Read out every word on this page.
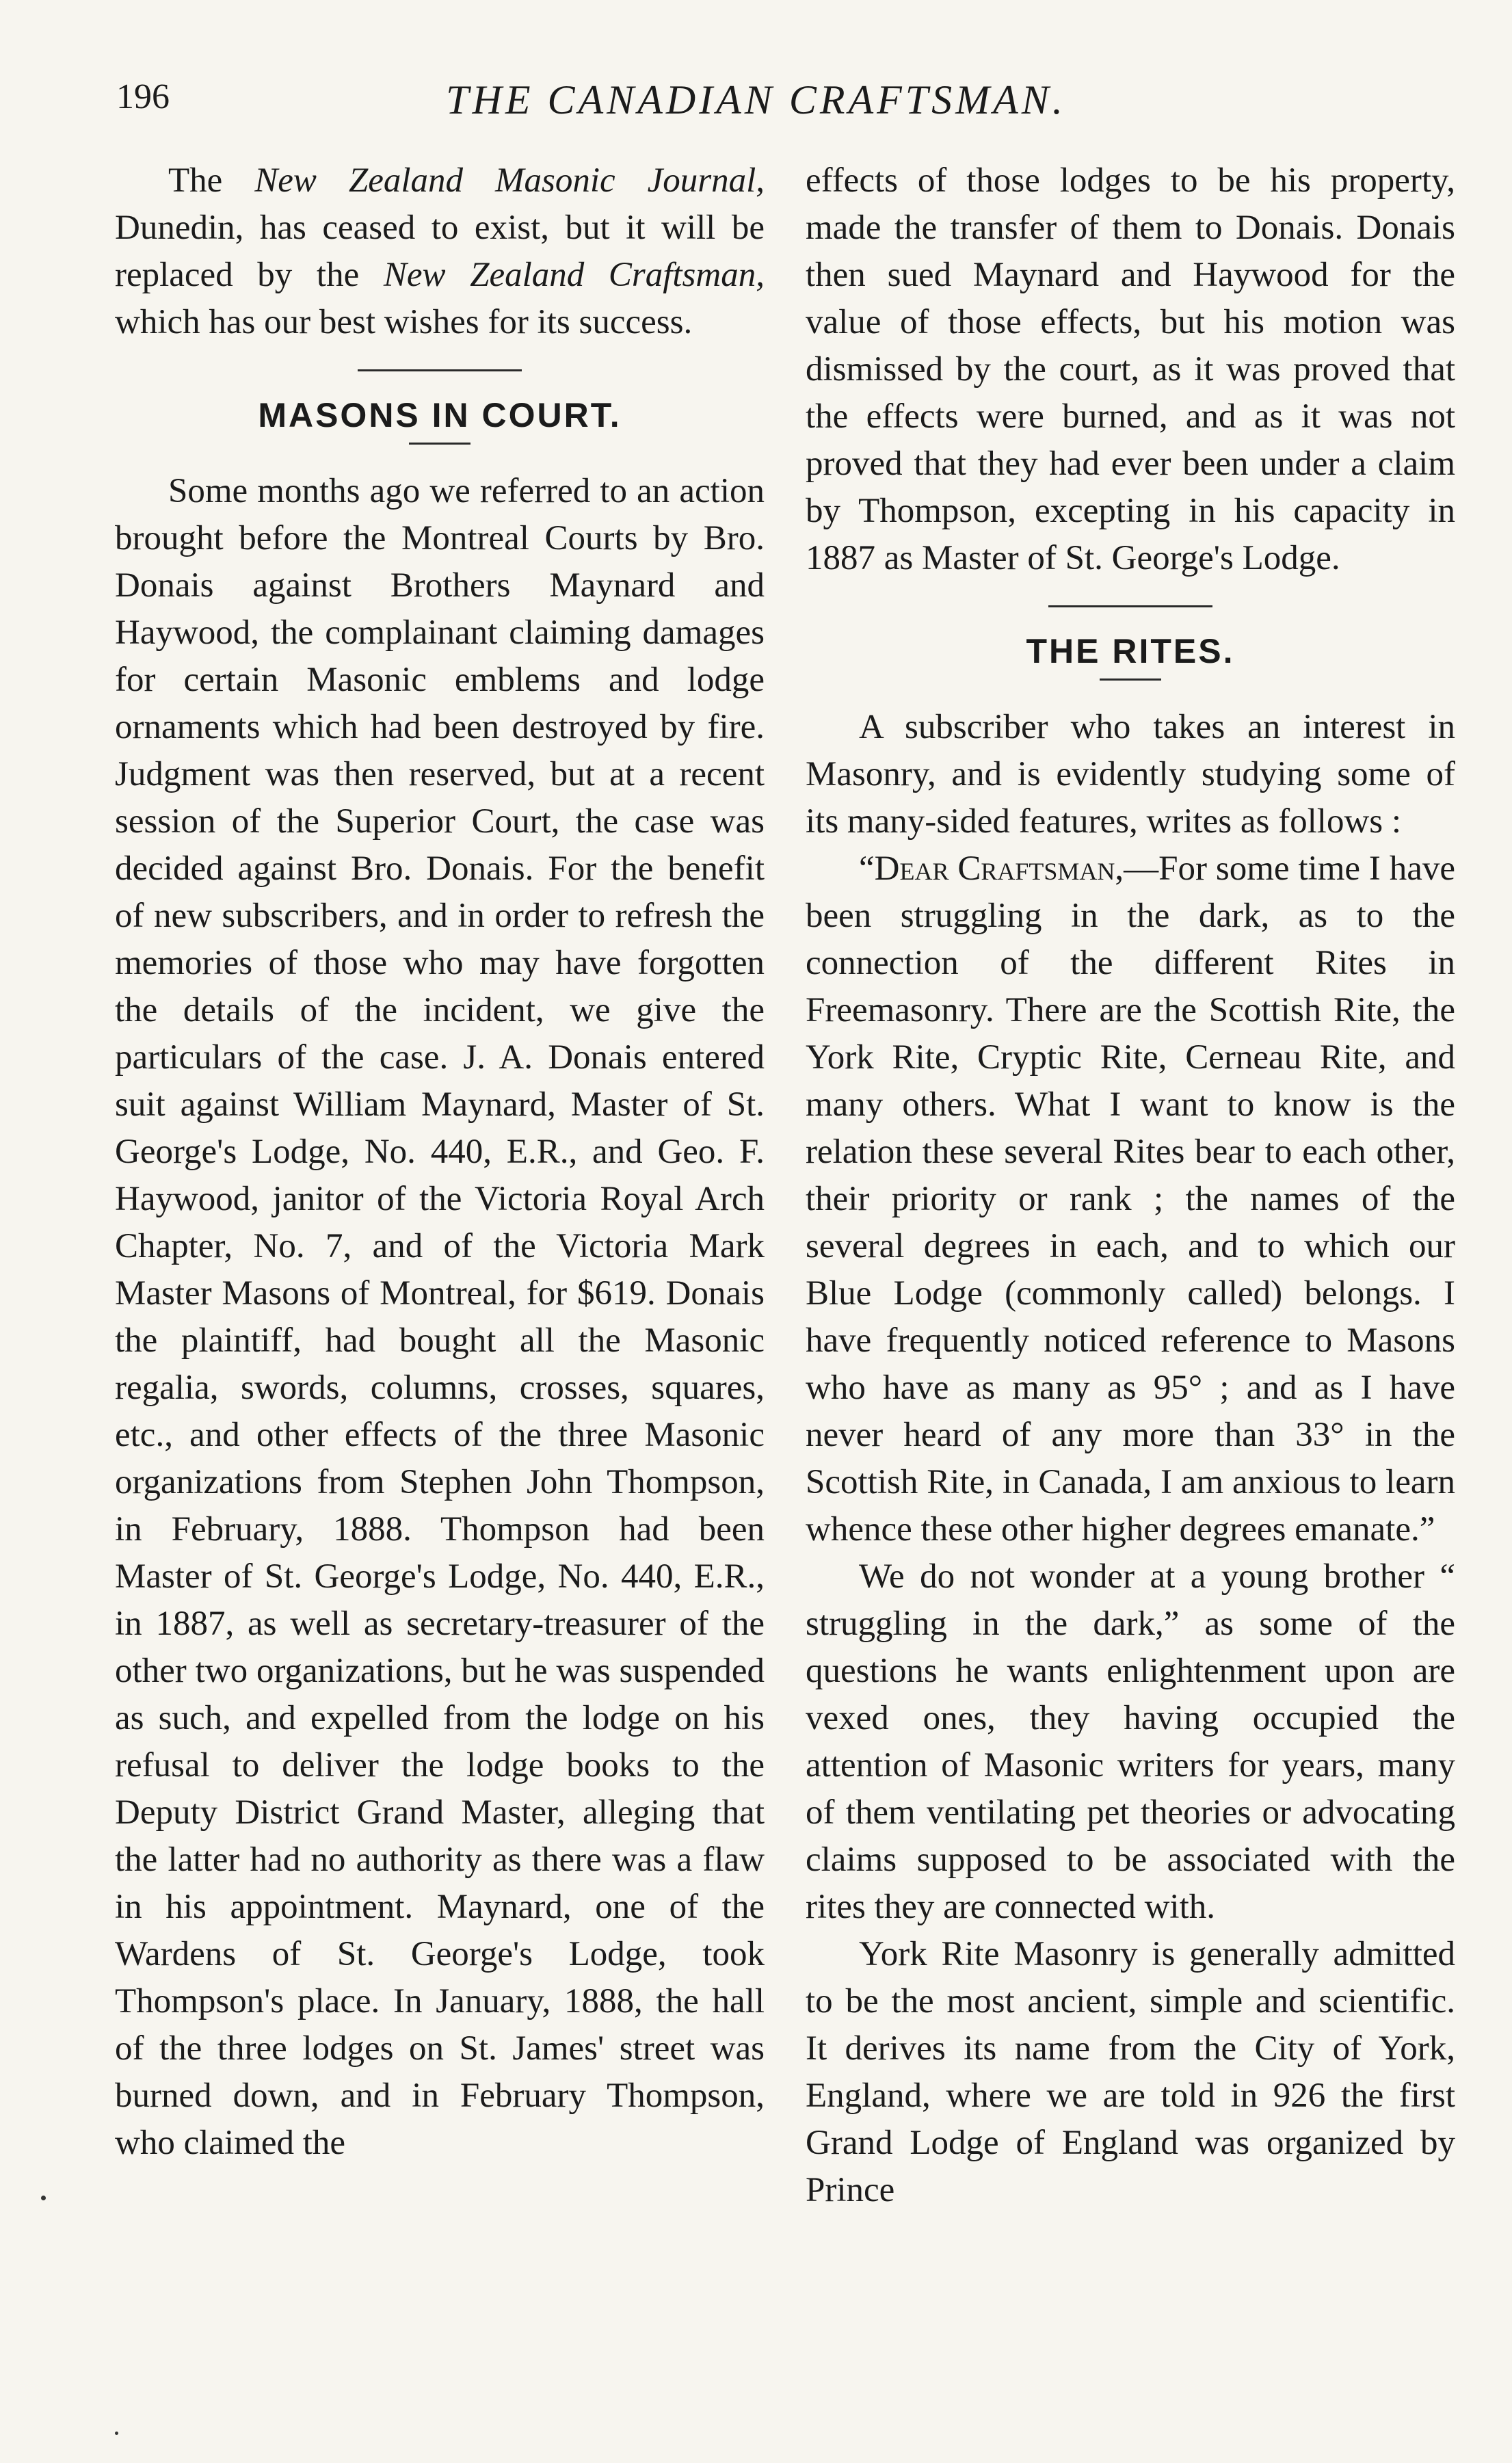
196	THE CANADIAN CRAFTSMAN.

The New Zealand Masonic Journal, Dunedin, has ceased to exist, but it will be replaced by the New Zealand Craftsman, which has our best wishes for its success.

MASONS IN COURT.

Some months ago we referred to an action brought before the Montreal Courts by Bro. Donais against Brothers Maynard and Haywood, the complainant claiming damages for certain Masonic emblems and lodge ornaments which had been destroyed by fire. Judgment was then reserved, but at a recent session of the Superior Court, the case was decided against Bro. Donais. For the benefit of new subscribers, and in order to refresh the memories of those who may have forgotten the details of the incident, we give the particulars of the case. J. A. Donais entered suit against William Maynard, Master of St. George's Lodge, No. 440, E.R., and Geo. F. Haywood, janitor of the Victoria Royal Arch Chapter, No. 7, and of the Victoria Mark Master Masons of Montreal, for $619. Donais the plaintiff, had bought all the Masonic regalia, swords, columns, crosses, squares, etc., and other effects of the three Masonic organizations from Stephen John Thompson, in February, 1888. Thompson had been Master of St. George's Lodge, No. 440, E.R., in 1887, as well as secretary-treasurer of the other two organizations, but he was suspended as such, and expelled from the lodge on his refusal to deliver the lodge books to the Deputy District Grand Master, alleging that the latter had no authority as there was a flaw in his appointment. Maynard, one of the Wardens of St. George's Lodge, took Thompson's place. In January, 1888, the hall of the three lodges on St. James' street was burned down, and in February Thompson, who claimed the

effects of those lodges to be his property, made the transfer of them to Donais. Donais then sued Maynard and Haywood for the value of those effects, but his motion was dismissed by the court, as it was proved that the effects were burned, and as it was not proved that they had ever been under a claim by Thompson, excepting in his capacity in 1887 as Master of St. George's Lodge.

THE RITES.

A subscriber who takes an interest in Masonry, and is evidently studying some of its many-sided features, writes as follows :

“Dear Craftsman,—For some time I have been struggling in the dark, as to the connection of the different Rites in Freemasonry. There are the Scottish Rite, the York Rite, Cryptic Rite, Cerneau Rite, and many others. What I want to know is the relation these several Rites bear to each other, their priority or rank ; the names of the several degrees in each, and to which our Blue Lodge (commonly called) belongs. I have frequently noticed reference to Masons who have as many as 95° ; and as I have never heard of any more than 33° in the Scottish Rite, in Canada, I am anxious to learn whence these other higher degrees emanate.”

We do not wonder at a young brother “ struggling in the dark,” as some of the questions he wants enlightenment upon are vexed ones, they having occupied the attention of Masonic writers for years, many of them ventilating pet theories or advocating claims supposed to be associated with the rites they are connected with.

York Rite Masonry is generally admitted to be the most ancient, simple and scientific. It derives its name from the City of York, England, where we are told in 926 the first Grand Lodge of England was organized by Prince
